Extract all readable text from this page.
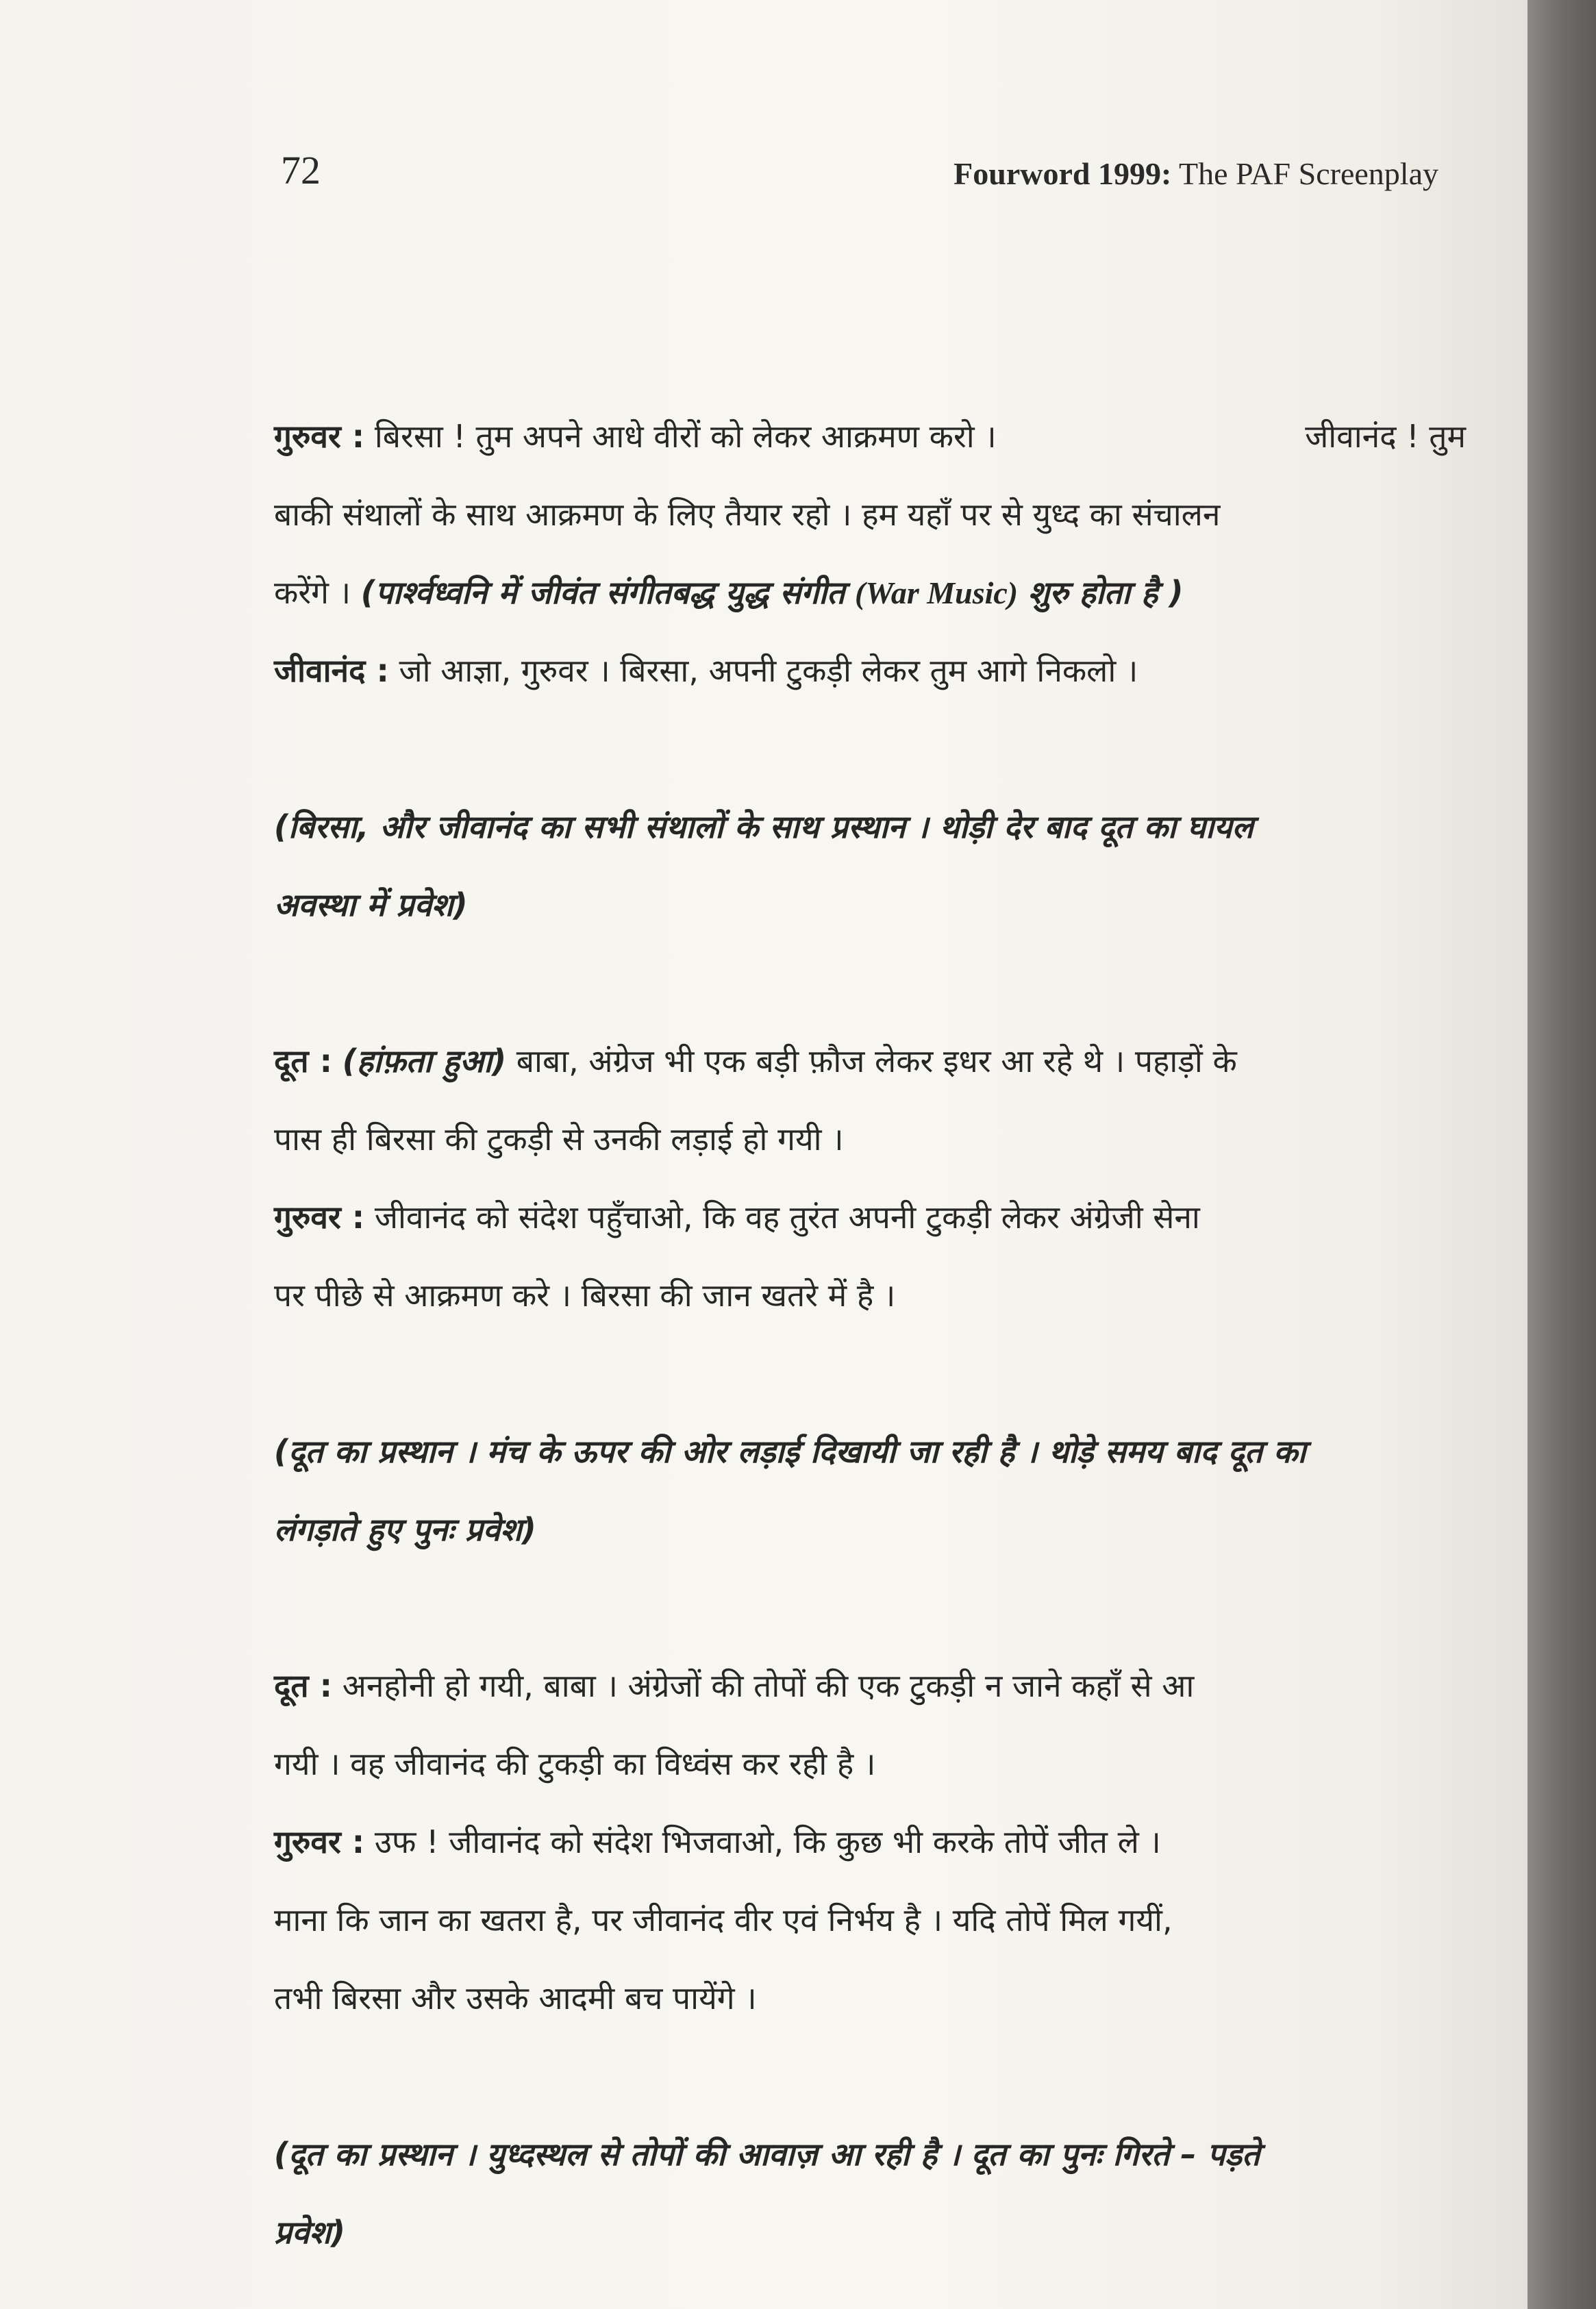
72	Fourword 1999: The PAF Screenplay
गुरुवर : बिरसा ! तुम अपने आधे वीरों को लेकर आक्रमण करो ।	जीवानंद ! तुम
बाकी संथालों के साथ आक्रमण के लिए तैयार रहो । हम यहाँ पर से युध्द का संचालन
करेंगे । (पार्श्वध्वनि में जीवंत संगीतबद्ध युद्ध संगीत (War Music) शुरु होता है )
जीवानंद : जो आज्ञा, गुरुवर । बिरसा, अपनी टुकड़ी लेकर तुम आगे निकलो ।
(बिरसा, और जीवानंद का सभी संथालों के साथ प्रस्थान । थोड़ी देर बाद दूत का घायल
अवस्था में प्रवेश)
दूत : (हांफ़ता हुआ) बाबा, अंग्रेज भी एक बड़ी फ़ौज लेकर इधर आ रहे थे । पहाड़ों के
पास ही बिरसा की टुकड़ी से उनकी लड़ाई हो गयी ।
गुरुवर : जीवानंद को संदेश पहुँचाओ, कि वह तुरंत अपनी टुकड़ी लेकर अंग्रेजी सेना
पर पीछे से आक्रमण करे । बिरसा की जान खतरे में है ।
(दूत का प्रस्थान । मंच के ऊपर की ओर लड़ाई दिखायी जा रही है । थोड़े समय बाद दूत का
लंगड़ाते हुए पुनः प्रवेश)
दूत : अनहोनी हो गयी, बाबा । अंग्रेजों की तोपों की एक टुकड़ी न जाने कहाँ से आ
गयी । वह जीवानंद की टुकड़ी का विध्वंस कर रही है ।
गुरुवर : उफ ! जीवानंद को संदेश भिजवाओ, कि कुछ भी करके तोपें जीत ले ।
माना कि जान का खतरा है, पर जीवानंद वीर एवं निर्भय है । यदि तोपें मिल गयीं,
तभी बिरसा और उसके आदमी बच पायेंगे ।
(दूत का प्रस्थान । युध्दस्थल से तोपों की आवाज़ आ रही है । दूत का पुनः गिरते – पड़ते
प्रवेश)
